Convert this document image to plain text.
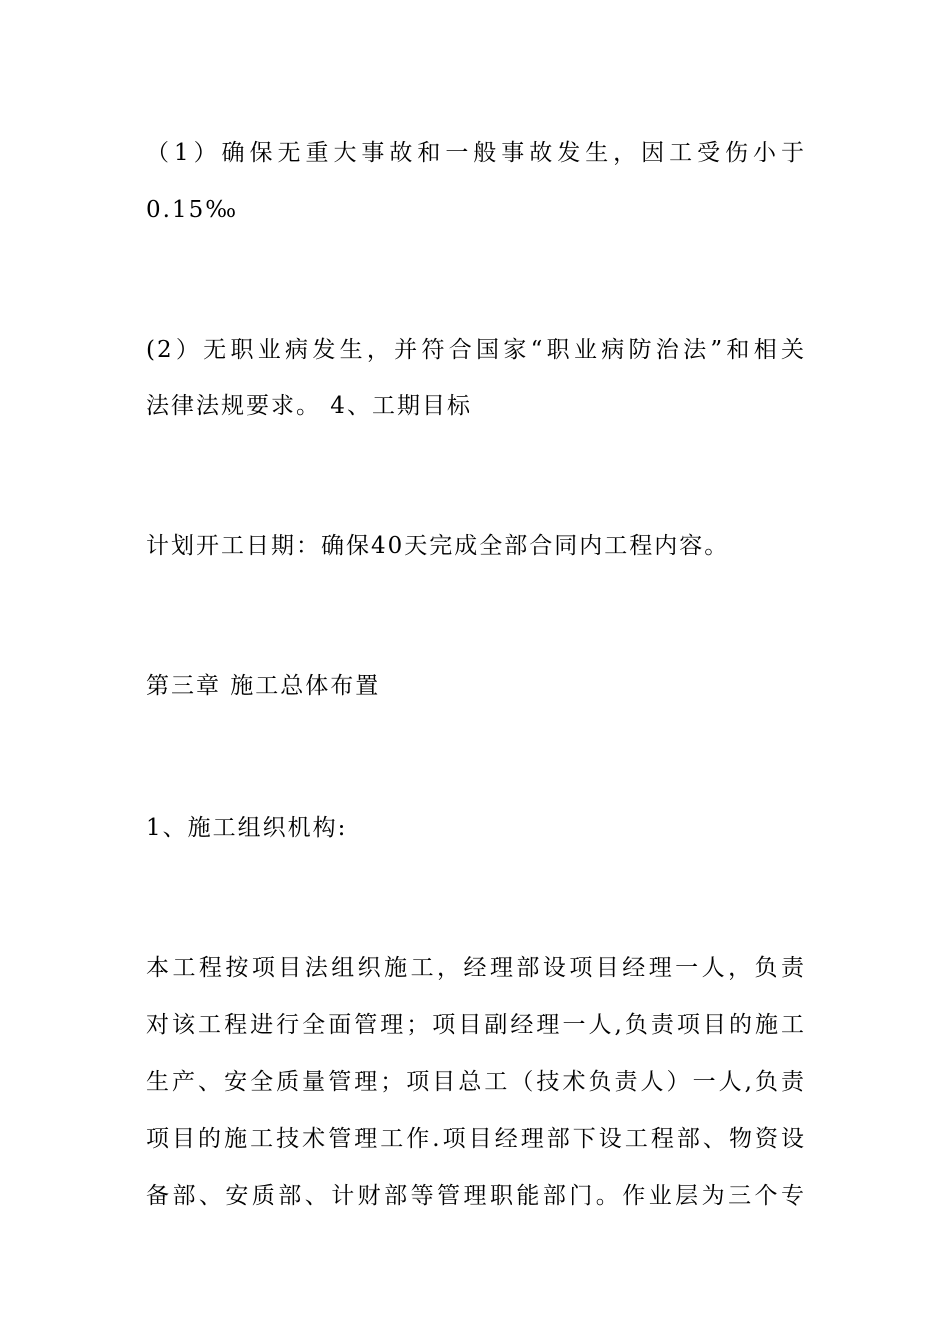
（1）确保无重大事故和一般事故发生，因工受伤小于
0.15‰
(2）无职业病发生，并符合国家“职业病防治法”和相关
法律法规要求。 4、工期目标
计划开工日期：确保40天完成全部合同内工程内容。
第三章 施工总体布置
1、施工组织机构:
本工程按项目法组织施工，经理部设项目经理一人，负责
对该工程进行全面管理；项目副经理一人,负责项目的施工
生产、安全质量管理；项目总工（技术负责人）一人,负责
项目的施工技术管理工作.项目经理部下设工程部、物资设
备部、安质部、计财部等管理职能部门。作业层为三个专
